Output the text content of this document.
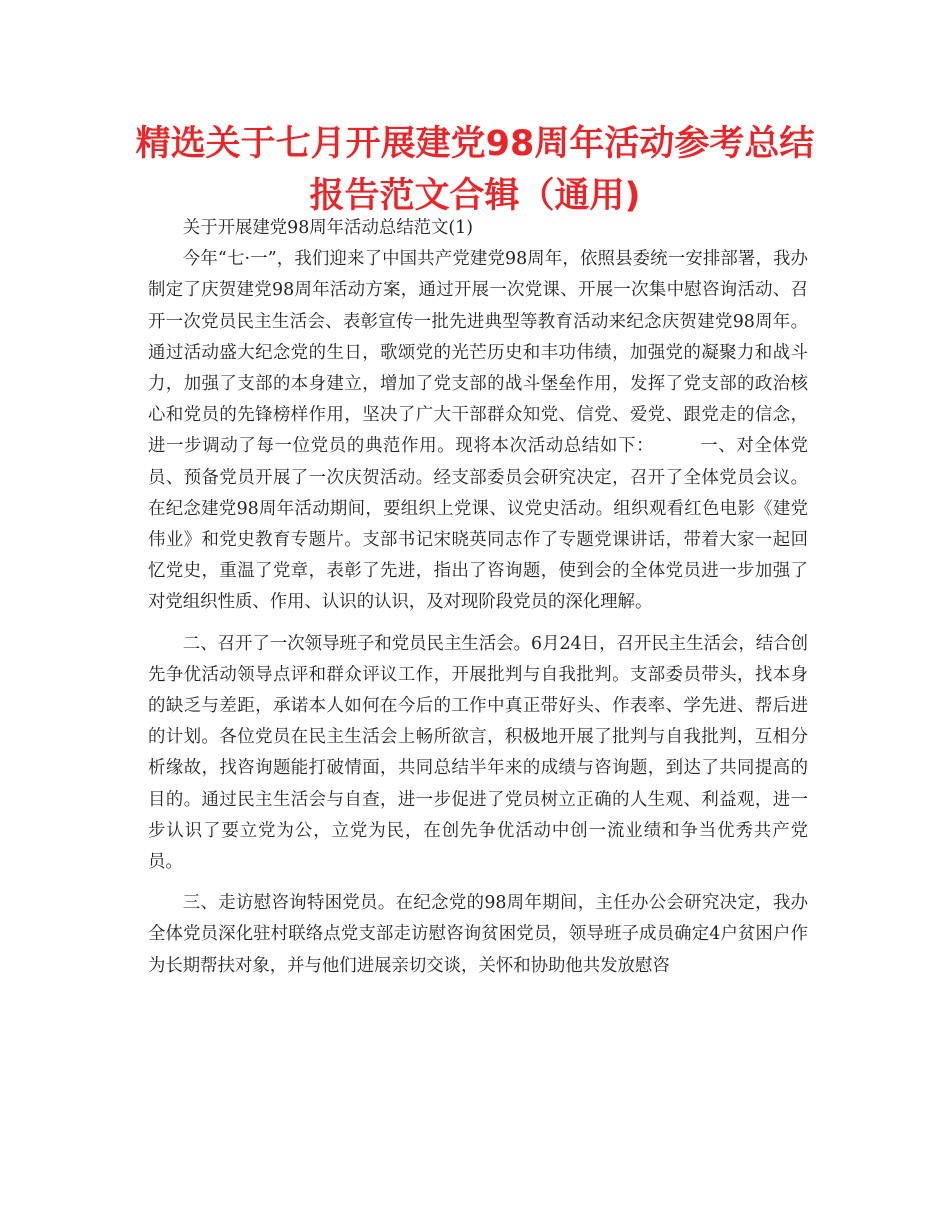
精选关于七月开展建党98周年活动参考总结报告范文合辑（通用)

关于开展建党98周年活动总结范文(1)

今年“七·一”，我们迎来了中国共产党建党98周年，依照县委统一安排部署，我办制定了庆贺建党98周年活动方案，通过开展一次党课、开展一次集中慰咨询活动、召开一次党员民主生活会、表彰宣传一批先进典型等教育活动来纪念庆贺建党98周年。通过活动盛大纪念党的生日，歌颂党的光芒历史和丰功伟绩，加强党的凝聚力和战斗力，加强了支部的本身建立，增加了党支部的战斗堡垒作用，发挥了党支部的政治核心和党员的先锋榜样作用，坚决了广大干部群众知党、信党、爱党、跟党走的信念，进一步调动了每一位党员的典范作用。现将本次活动总结如下：	一、对全体党员、预备党员开展了一次庆贺活动。经支部委员会研究决定，召开了全体党员会议。在纪念建党98周年活动期间，要组织上党课、议党史活动。组织观看红色电影《建党伟业》和党史教育专题片。支部书记宋晓英同志作了专题党课讲话，带着大家一起回忆党史，重温了党章，表彰了先进，指出了咨询题，使到会的全体党员进一步加强了对党组织性质、作用、认识的认识，及对现阶段党员的深化理解。

二、召开了一次领导班子和党员民主生活会。6月24日，召开民主生活会，结合创先争优活动领导点评和群众评议工作，开展批判与自我批判。支部委员带头，找本身的缺乏与差距，承诺本人如何在今后的工作中真正带好头、作表率、学先进、帮后进的计划。各位党员在民主生活会上畅所欲言，积极地开展了批判与自我批判，互相分析缘故，找咨询题能打破情面，共同总结半年来的成绩与咨询题，到达了共同提高的目的。通过民主生活会与自查，进一步促进了党员树立正确的人生观、利益观，进一步认识了要立党为公，立党为民，在创先争优活动中创一流业绩和争当优秀共产党员。

三、走访慰咨询特困党员。在纪念党的98周年期间，主任办公会研究决定，我办全体党员深化驻村联络点党支部走访慰咨询贫困党员，领导班子成员确定4户贫困户作为长期帮扶对象，并与他们进展亲切交谈，关怀和协助他共发放慰咨
